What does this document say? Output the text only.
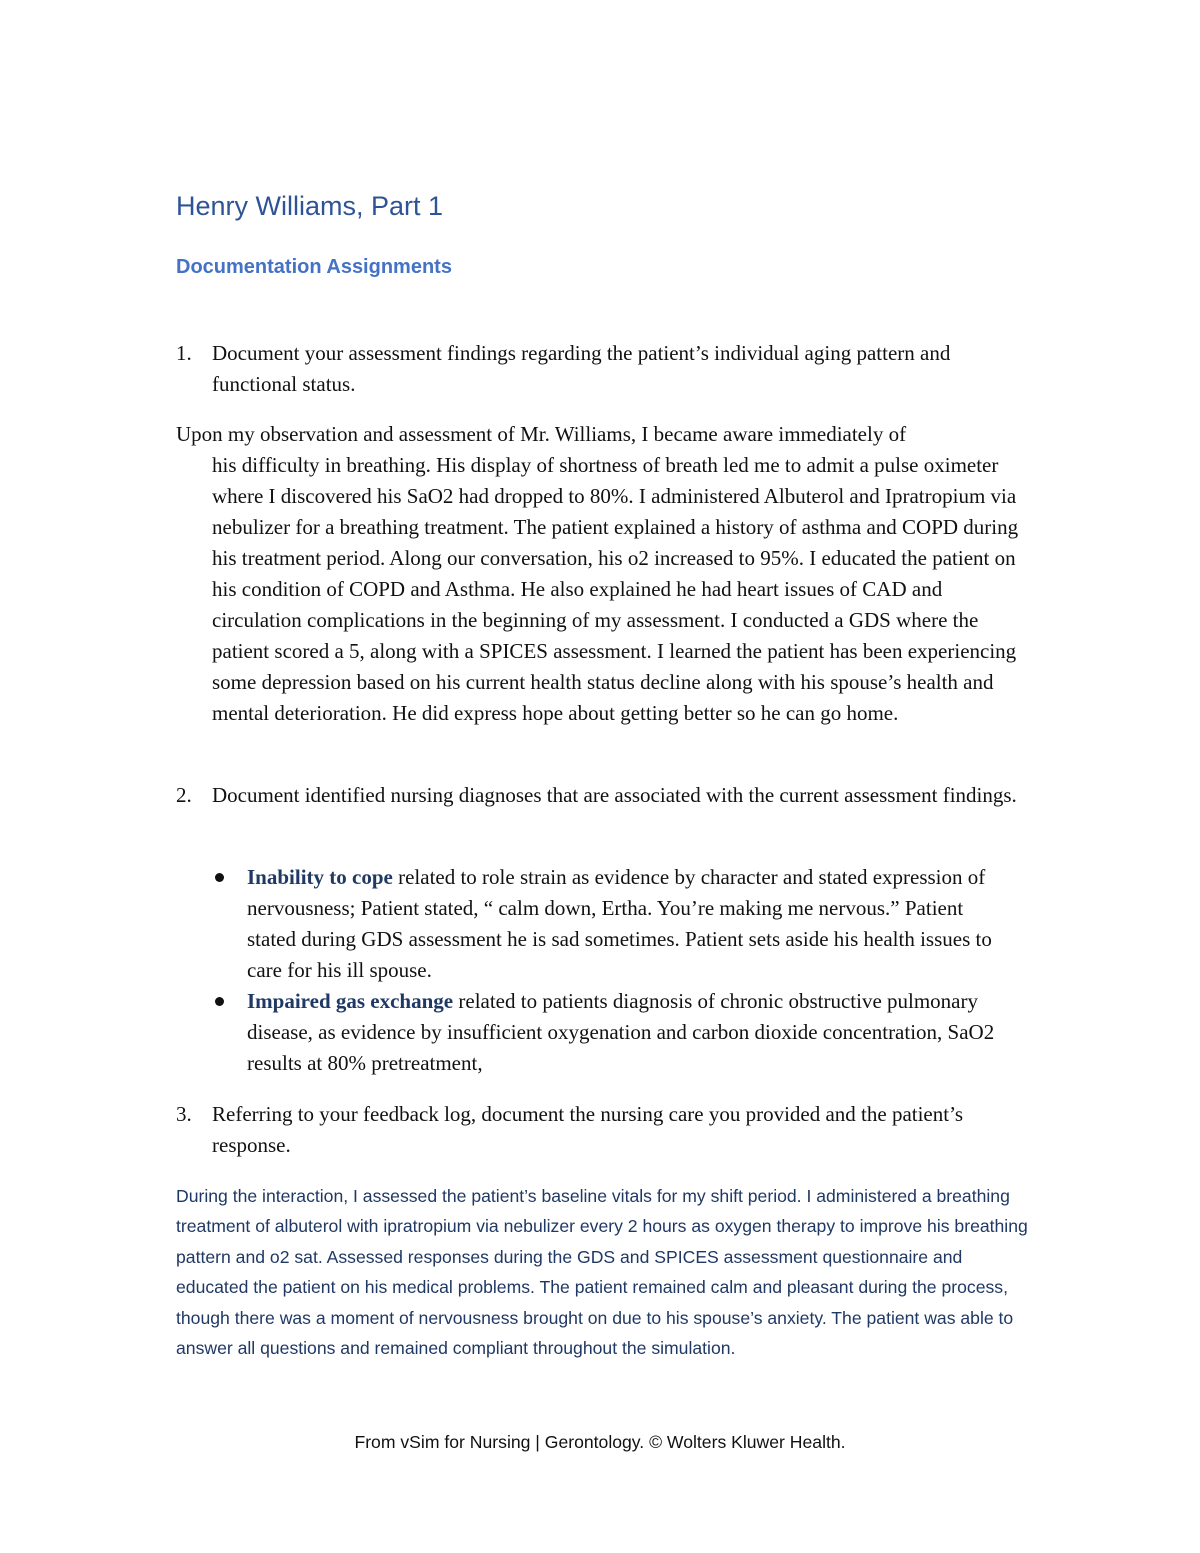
Henry Williams, Part 1
Documentation Assignments
1. Document your assessment findings regarding the patient’s individual aging pattern and functional status.
Upon my observation and assessment of Mr. Williams, I became aware immediately of
his difficulty in breathing. His display of shortness of breath led me to admit a pulse oximeter where I discovered his SaO2 had dropped to 80%. I administered Albuterol and Ipratropium via nebulizer for a breathing treatment. The patient explained a history of asthma and COPD during his treatment period. Along our conversation, his o2 increased to 95%. I educated the patient on his condition of COPD and Asthma. He also explained he had heart issues of CAD and circulation complications in the beginning of my assessment. I conducted a GDS where the patient scored a 5, along with a SPICES assessment. I learned the patient has been experiencing some depression based on his current health status decline along with his spouse’s health and mental deterioration. He did express hope about getting better so he can go home.
2. Document identified nursing diagnoses that are associated with the current assessment findings.
Inability to cope related to role strain as evidence by character and stated expression of nervousness; Patient stated, “ calm down, Ertha. You’re making me nervous.” Patient stated during GDS assessment he is sad sometimes. Patient sets aside his health issues to care for his ill spouse.
Impaired gas exchange related to patients diagnosis of chronic obstructive pulmonary disease, as evidence by insufficient oxygenation and carbon dioxide concentration, SaO2 results at 80% pretreatment,
3. Referring to your feedback log, document the nursing care you provided and the patient’s response.
During the interaction, I assessed the patient’s baseline vitals for my shift period. I administered a breathing treatment of albuterol with ipratropium via nebulizer every 2 hours as oxygen therapy to improve his breathing pattern and o2 sat. Assessed responses during the GDS and SPICES assessment questionnaire and educated the patient on his medical problems. The patient remained calm and pleasant during the process, though there was a moment of nervousness brought on due to his spouse’s anxiety. The patient was able to answer all questions and remained compliant throughout the simulation.
From vSim for Nursing | Gerontology. © Wolters Kluwer Health.
